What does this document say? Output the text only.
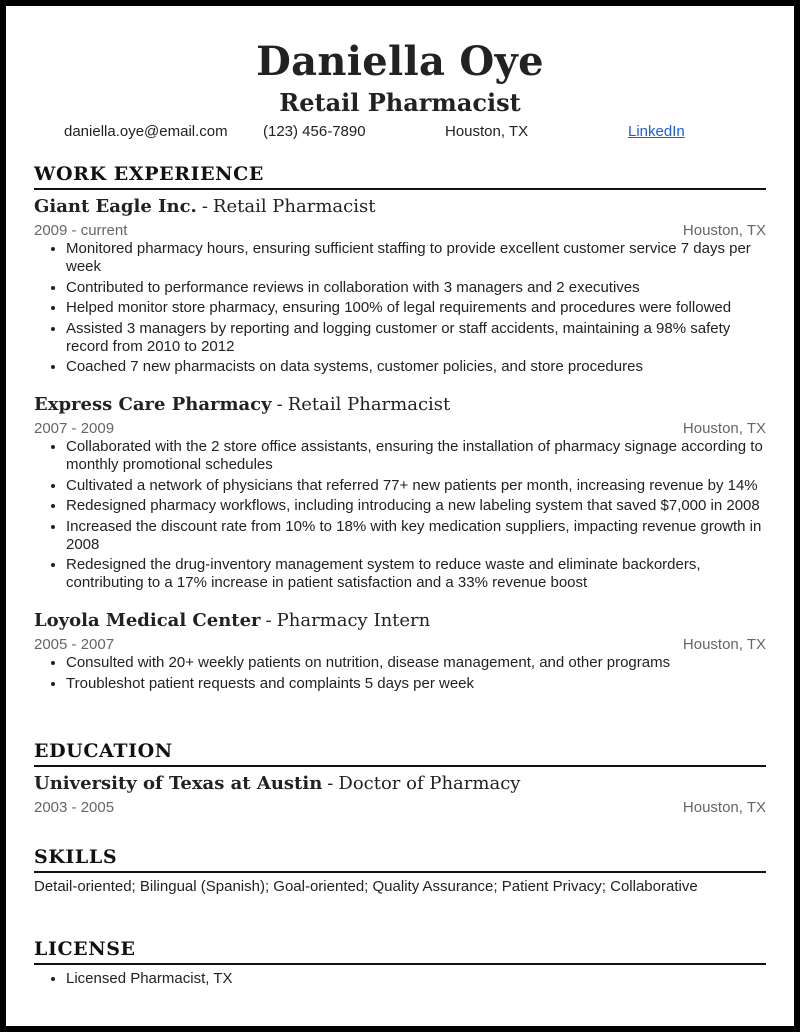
Daniella Oye
Retail Pharmacist
daniella.oye@email.com (123) 456-7890	Houston, TX	LinkedIn
WORK EXPERIENCE
Giant Eagle Inc. - Retail Pharmacist
2009 - current	Houston, TX
• Monitored pharmacy hours, ensuring sufficient staffing to provide excellent customer service 7 days per week
• Contributed to performance reviews in collaboration with 3 managers and 2 executives
• Helped monitor store pharmacy, ensuring 100% of legal requirements and procedures were followed
• Assisted 3 managers by reporting and logging customer or staff accidents, maintaining a 98% safety record from 2010 to 2012
• Coached 7 new pharmacists on data systems, customer policies, and store procedures
Express Care Pharmacy - Retail Pharmacist
2007 - 2009	Houston, TX
• Collaborated with the 2 store office assistants, ensuring the installation of pharmacy signage according to monthly promotional schedules
• Cultivated a network of physicians that referred 77+ new patients per month, increasing revenue by 14%
• Redesigned pharmacy workflows, including introducing a new labeling system that saved $7,000 in 2008
• Increased the discount rate from 10% to 18% with key medication suppliers, impacting revenue growth in 2008
• Redesigned the drug-inventory management system to reduce waste and eliminate backorders, contributing to a 17% increase in patient satisfaction and a 33% revenue boost
Loyola Medical Center - Pharmacy Intern
2005 - 2007	Houston, TX
• Consulted with 20+ weekly patients on nutrition, disease management, and other programs
• Troubleshot patient requests and complaints 5 days per week
EDUCATION
University of Texas at Austin - Doctor of Pharmacy
2003 - 2005	Houston, TX
SKILLS
Detail-oriented; Bilingual (Spanish); Goal-oriented; Quality Assurance; Patient Privacy; Collaborative
LICENSE
• Licensed Pharmacist, TX
